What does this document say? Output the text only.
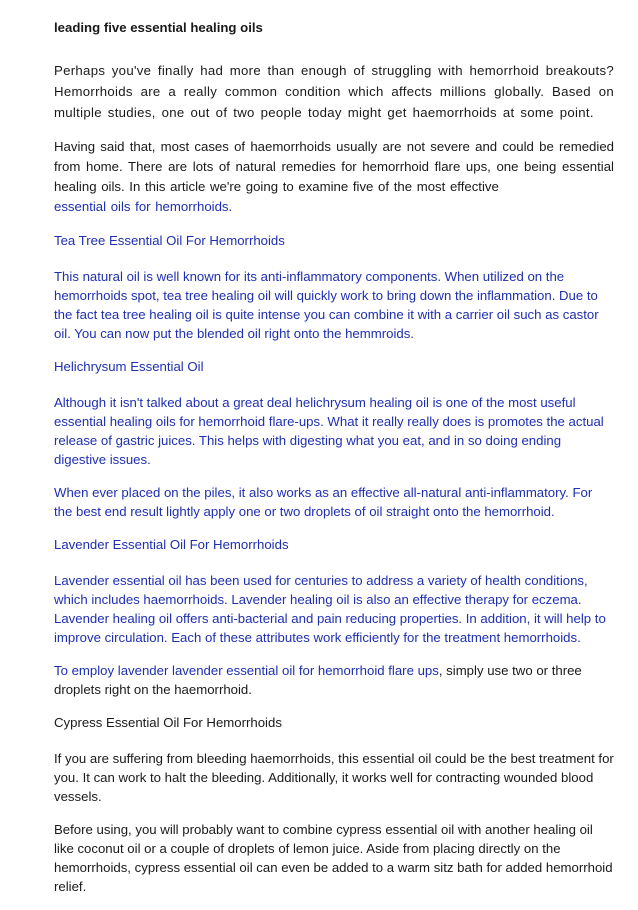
leading five essential healing oils

Perhaps you've finally had more than enough of struggling with hemorrhoid breakouts? Hemorrhoids are a really common condition which affects millions globally. Based on multiple studies, one out of two people today might get haemorrhoids at some point.

Having said that, most cases of haemorrhoids usually are not severe and could be remedied from home. There are lots of natural remedies for hemorrhoid flare ups, one being essential healing oils. In this article we're going to examine five of the most effective
essential oils for hemorrhoids.

Tea Tree Essential Oil For Hemorrhoids

This natural oil is well known for its anti-inflammatory components. When utilized on the hemorrhoids spot, tea tree healing oil will quickly work to bring down the inflammation. Due to the fact tea tree healing oil is quite intense you can combine it with a carrier oil such as castor oil. You can now put the blended oil right onto the hemmroids.

Helichrysum Essential Oil

Although it isn't talked about a great deal helichrysum healing oil is one of the most useful essential healing oils for hemorrhoid flare-ups. What it really really does is promotes the actual release of gastric juices. This helps with digesting what you eat, and in so doing ending digestive issues.

When ever placed on the piles, it also works as an effective all-natural anti-inflammatory. For the best end result lightly apply one or two droplets of oil straight onto the hemorrhoid.

Lavender Essential Oil For Hemorrhoids

Lavender essential oil has been used for centuries to address a variety of health conditions, which includes haemorrhoids. Lavender healing oil is also an effective therapy for eczema. Lavender healing oil offers anti-bacterial and pain reducing properties. In addition, it will help to improve circulation. Each of these attributes work efficiently for the treatment hemorrhoids.

To employ lavender lavender essential oil for hemorrhoid flare ups, simply use two or three droplets right on the haemorrhoid.

Cypress Essential Oil For Hemorrhoids

If you are suffering from bleeding haemorrhoids, this essential oil could be the best treatment for you. It can work to halt the bleeding. Additionally, it works well for contracting wounded blood vessels.

Before using, you will probably want to combine cypress essential oil with another healing oil like coconut oil or a couple of droplets of lemon juice. Aside from placing directly on the hemorrhoids, cypress essential oil can even be added to a warm sitz bath for added hemorrhoid relief.
